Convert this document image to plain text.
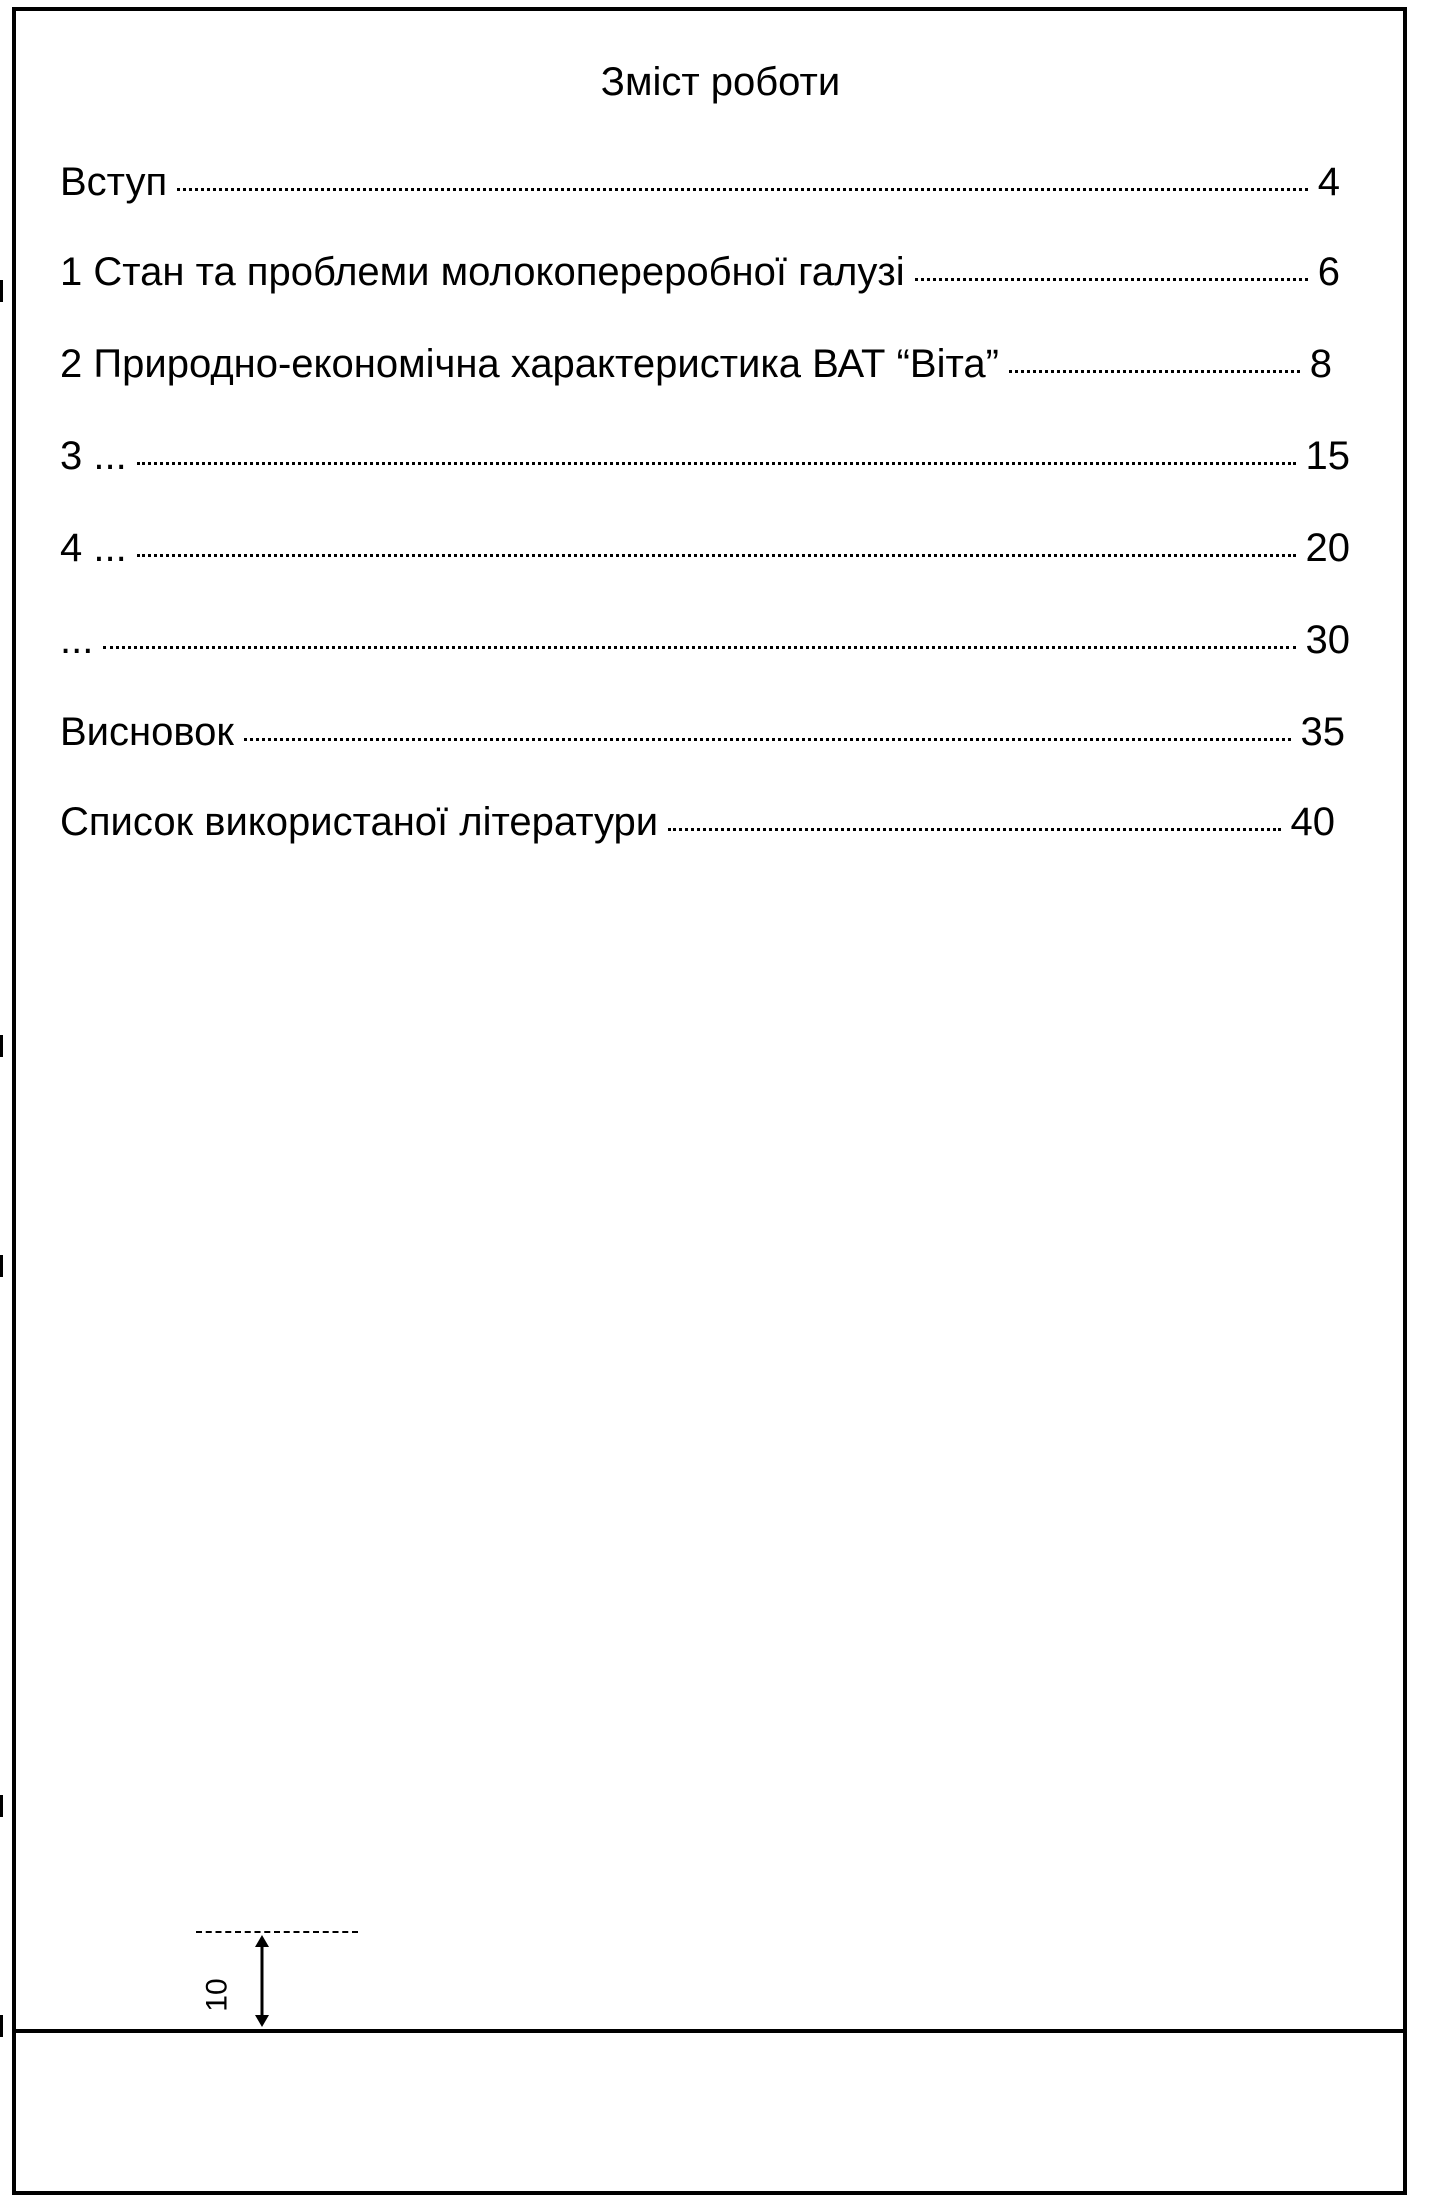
Зміст роботи
Вступ	4
1 Стан та проблеми молокопереробної галузі	6
2 Природно-економічна характеристика ВАТ “Віта”	8
3 ...	15
4 ...	20
...	30
Висновок	35
Список використаної літератури	40
10
